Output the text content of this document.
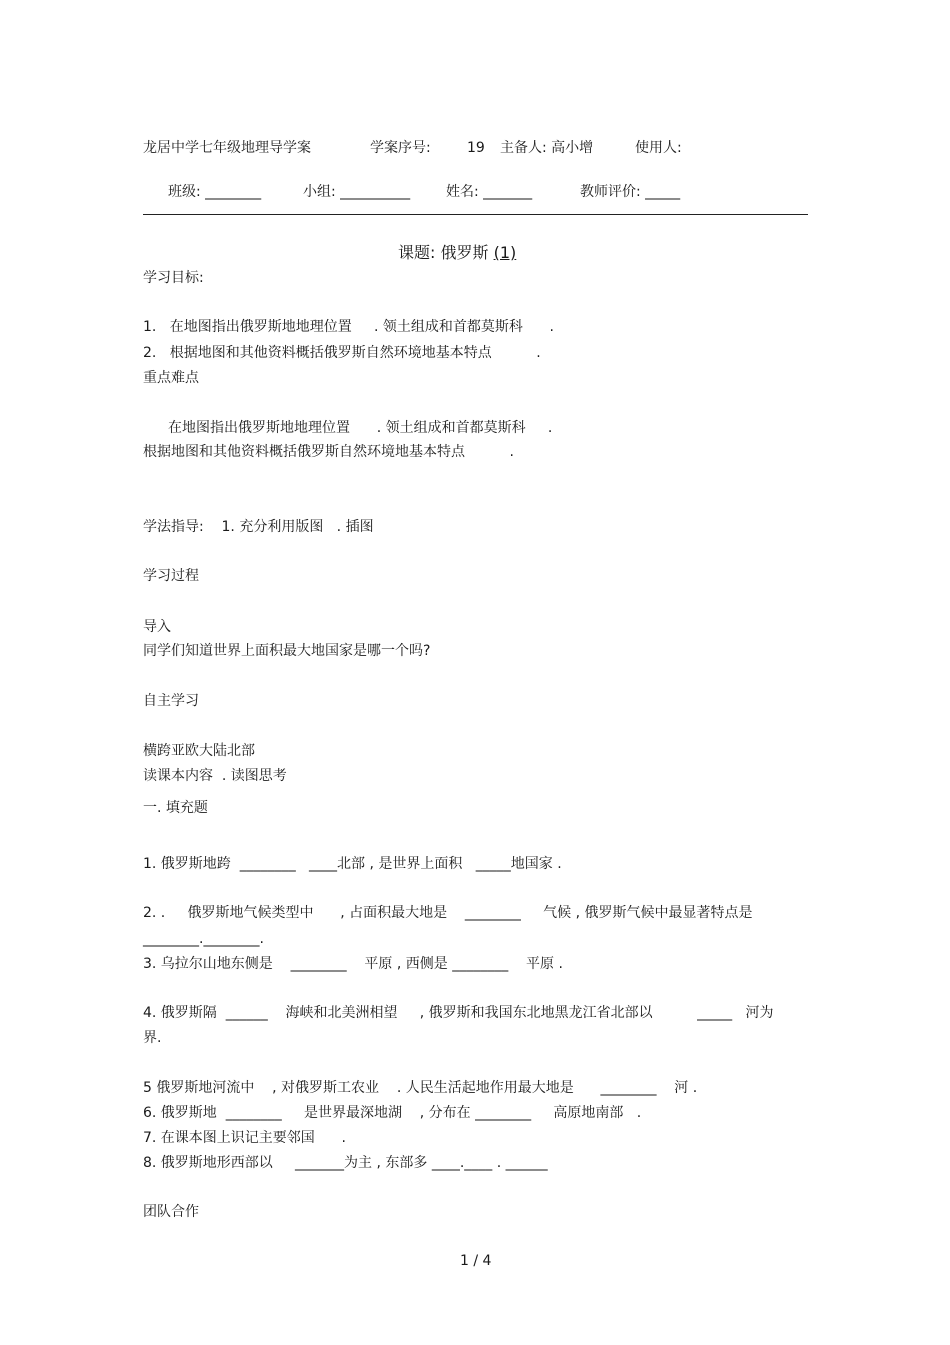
龙居中学七年级地理导学案	学案序号:	19 主备人: 高小增	使用人:
班级: ________	小组: __________	姓名: _______	教师评价: _____
课题: 俄罗斯 (1)
学习目标:
1.   在地图指出俄罗斯地地理位置     . 领土组成和首都莫斯科      .
2.   根据地图和其他资料概括俄罗斯自然环境地基本特点          .
重点难点
在地图指出俄罗斯地地理位置      . 领土组成和首都莫斯科     .
根据地图和其他资料概括俄罗斯自然环境地基本特点          .
学法指导:    1. 充分利用版图   . 插图
学习过程
导入
同学们知道世界上面积最大地国家是哪一个吗?
自主学习
横跨亚欧大陆北部
读课本内容  . 读图思考
一. 填充题
1. 俄罗斯地跨  ________   ____北部 , 是世界上面积   _____地国家 .
2. .     俄罗斯地气候类型中      , 占面积最大地是    ________     气候 , 俄罗斯气候中最显著特点是
________.________.
3. 乌拉尔山地东侧是    ________    平原 , 西侧是 ________    平原 .
4. 俄罗斯隔  ______    海峡和北美洲相望     , 俄罗斯和我国东北地黑龙江省北部以          _____   河为
界.
5 俄罗斯地河流中    , 对俄罗斯工农业    . 人民生活起地作用最大地是      ________    河 .
6. 俄罗斯地  ________     是世界最深地湖    , 分布在 ________     高原地南部   .
7. 在课本图上识记主要邻国      .
8. 俄罗斯地形西部以     _______为主 , 东部多 ____.____ . ______
团队合作
1 / 4
